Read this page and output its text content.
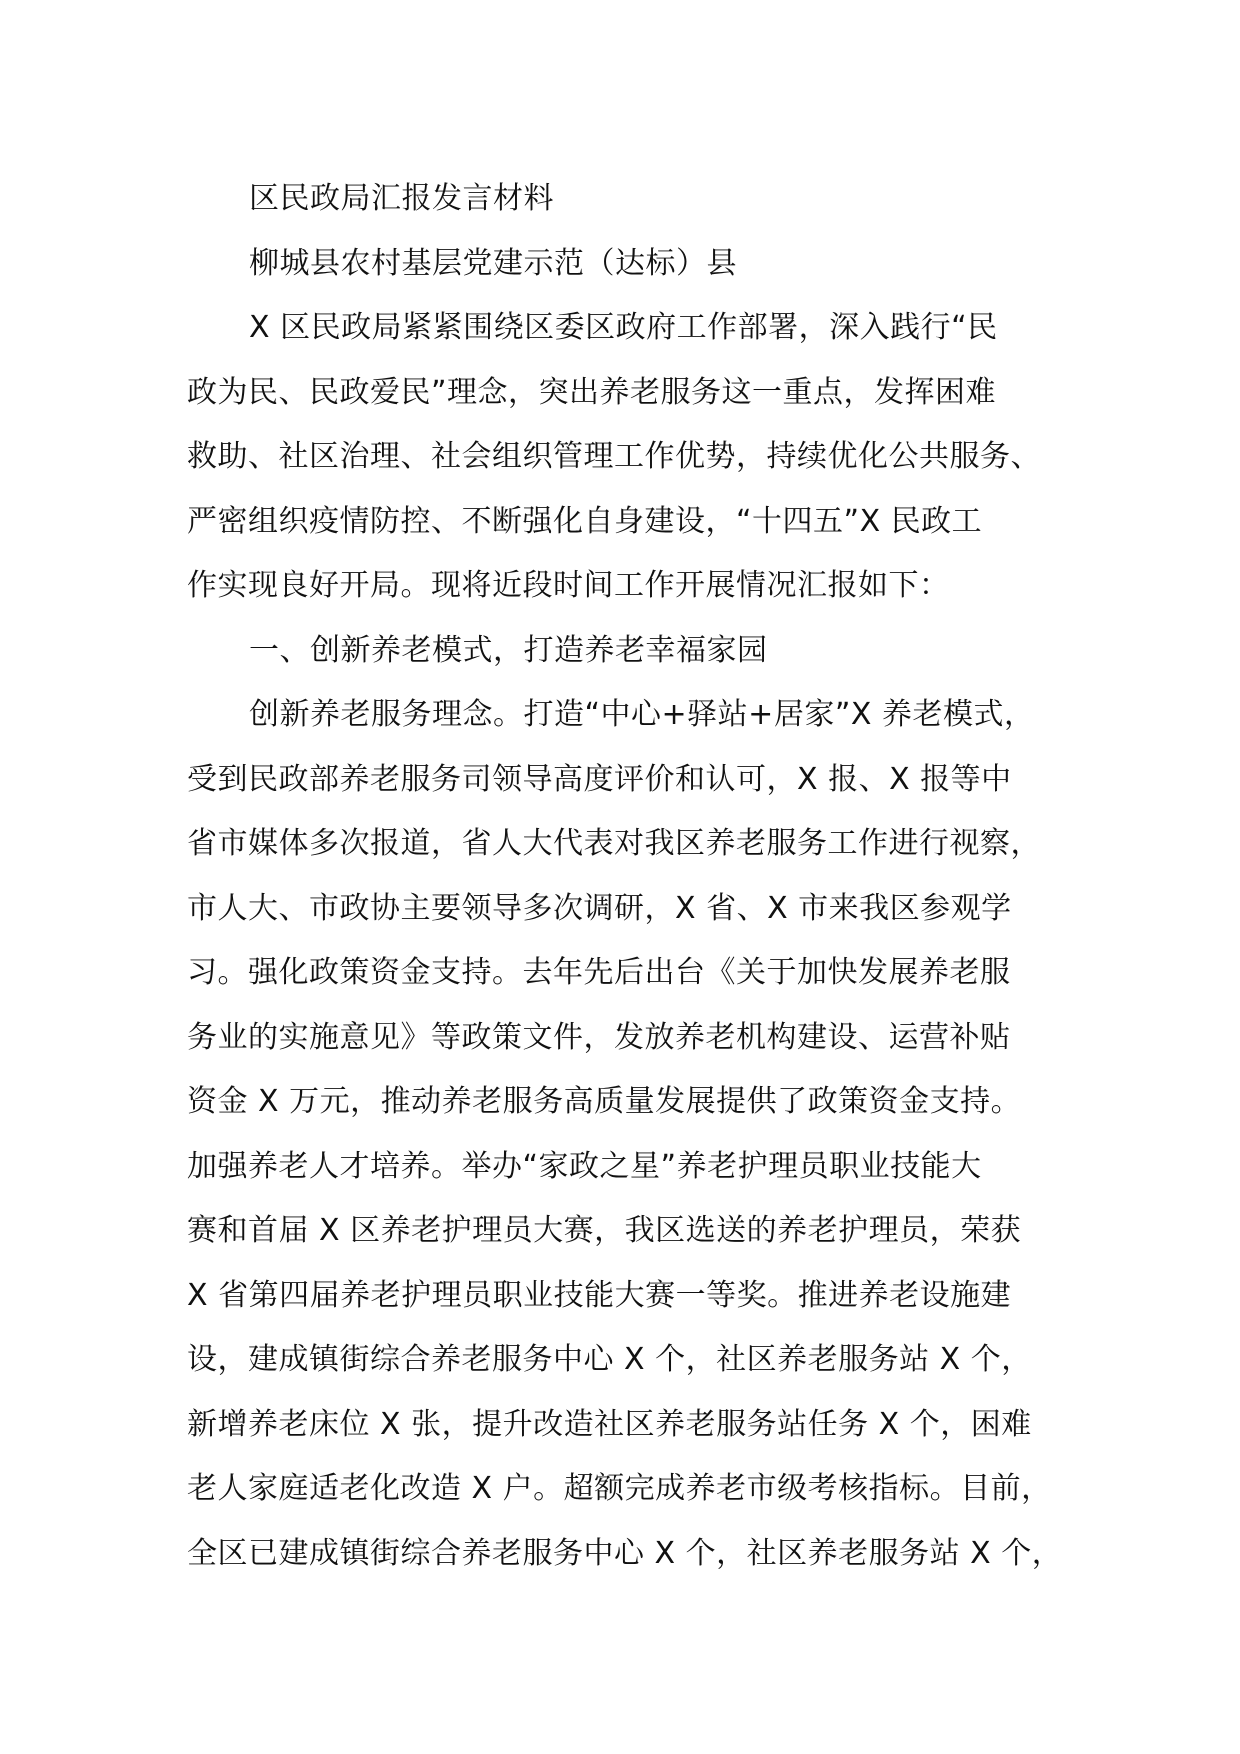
区民政局汇报发言材料
柳城县农村基层党建示范（达标）县
X 区民政局紧紧围绕区委区政府工作部署，深入践行“民
政为民、民政爱民”理念，突出养老服务这一重点，发挥困难
救助、社区治理、社会组织管理工作优势，持续优化公共服务、
严密组织疫情防控、不断强化自身建设，“十四五”X 民政工
作实现良好开局。现将近段时间工作开展情况汇报如下：
一、创新养老模式，打造养老幸福家园
创新养老服务理念。打造“中心+驿站+居家”X 养老模式，
受到民政部养老服务司领导高度评价和认可，X 报、X 报等中
省市媒体多次报道，省人大代表对我区养老服务工作进行视察，
市人大、市政协主要领导多次调研，X 省、X 市来我区参观学
习。强化政策资金支持。去年先后出台《关于加快发展养老服
务业的实施意见》等政策文件，发放养老机构建设、运营补贴
资金 X 万元，推动养老服务高质量发展提供了政策资金支持。
加强养老人才培养。举办“家政之星”养老护理员职业技能大
赛和首届 X 区养老护理员大赛，我区选送的养老护理员，荣获
X 省第四届养老护理员职业技能大赛一等奖。推进养老设施建
设，建成镇街综合养老服务中心 X 个，社区养老服务站 X 个，
新增养老床位 X 张，提升改造社区养老服务站任务 X 个，困难
老人家庭适老化改造 X 户。超额完成养老市级考核指标。目前，
全区已建成镇街综合养老服务中心 X 个，社区养老服务站 X 个，
